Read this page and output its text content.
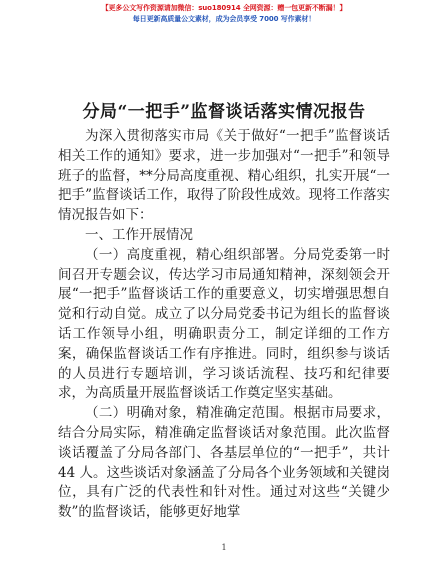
【更多公文写作资源请加微信：suo180914 全网资源：赠一包更新不断漏！】
每日更新高质量公文素材，成为会员享受 7000 写作素材！
分局“一把手”监督谈话落实情况报告

为深入贯彻落实市局《关于做好“一把手”监督谈话相关工作的通知》要求，进一步加强对“一把手”和领导班子的监督，**分局高度重视、精心组织，扎实开展“一把手”监督谈话工作，取得了阶段性成效。现将工作落实情况报告如下：

一、工作开展情况

（一）高度重视，精心组织部署。分局党委第一时间召开专题会议，传达学习市局通知精神，深刻领会开展“一把手”监督谈话工作的重要意义，切实增强思想自觉和行动自觉。成立了以分局党委书记为组长的监督谈话工作领导小组，明确职责分工，制定详细的工作方案，确保监督谈话工作有序推进。同时，组织参与谈话的人员进行专题培训，学习谈话流程、技巧和纪律要求，为高质量开展监督谈话工作奠定坚实基础。

（二）明确对象，精准确定范围。根据市局要求，结合分局实际，精准确定监督谈话对象范围。此次监督谈话覆盖了分局各部门、各基层单位的“一把手”，共计 44 人。这些谈话对象涵盖了分局各个业务领域和关键岗位，具有广泛的代表性和针对性。通过对这些“关键少数”的监督谈话，能够更好地掌

1
